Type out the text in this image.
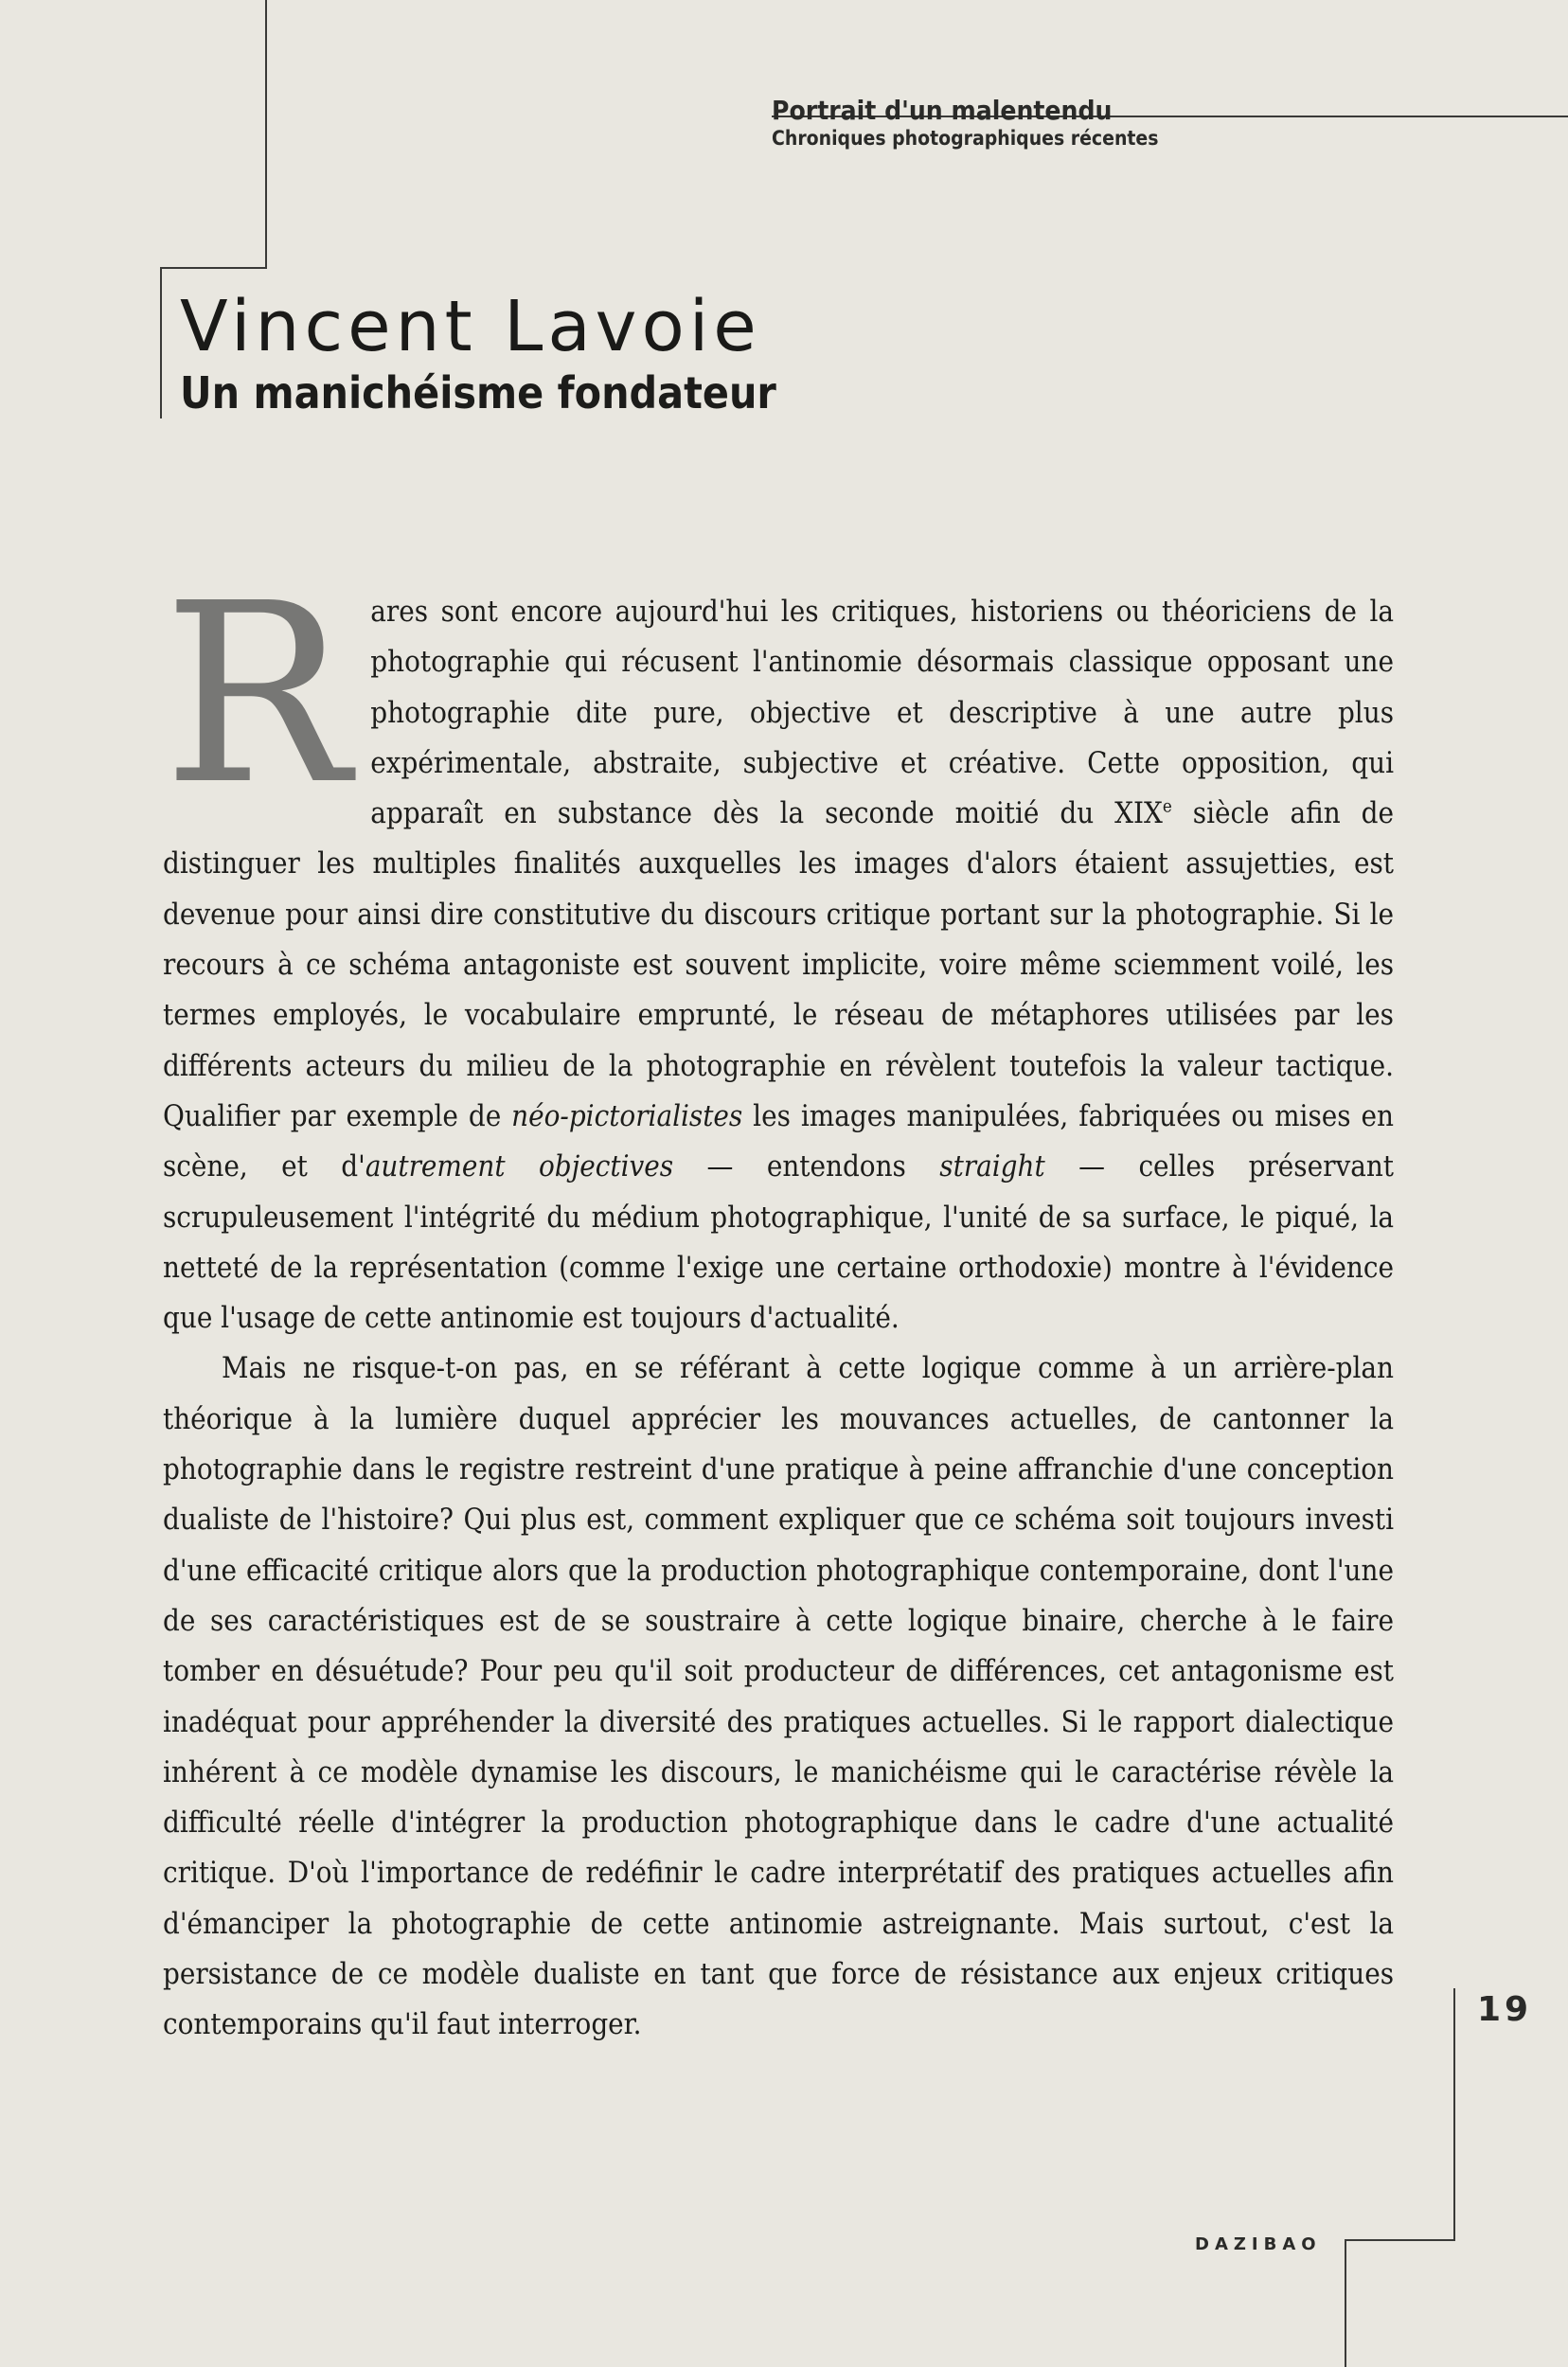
Portrait d'un malentendu
Chroniques photographiques récentes
Vincent Lavoie
Un manichéisme fondateur

Rares sont encore aujourd'hui les critiques, historiens ou théoriciens de la photographie qui récusent l'antinomie désormais classique opposant une photographie dite pure, objective et descriptive à une autre plus expérimentale, abstraite, subjective et créative. Cette opposition, qui apparaît en substance dès la seconde moitié du XIXe siècle afin de distinguer les multiples finalités auxquelles les images d'alors étaient assujetties, est devenue pour ainsi dire constitutive du discours critique portant sur la photographie. Si le recours à ce schéma antagoniste est souvent implicite, voire même sciemment voilé, les termes employés, le vocabulaire emprunté, le réseau de métaphores utilisées par les différents acteurs du milieu de la photographie en révèlent toutefois la valeur tactique. Qualifier par exemple de néo-pictorialistes les images manipulées, fabriquées ou mises en scène, et d'autrement objectives — entendons straight — celles préservant scrupuleusement l'intégrité du médium photographique, l'unité de sa surface, le piqué, la netteté de la représentation (comme l'exige une certaine orthodoxie) montre à l'évidence que l'usage de cette antinomie est toujours d'actualité.

Mais ne risque-t-on pas, en se référant à cette logique comme à un arrière-plan théorique à la lumière duquel apprécier les mouvances actuelles, de cantonner la photographie dans le registre restreint d'une pratique à peine affranchie d'une conception dualiste de l'histoire? Qui plus est, comment expliquer que ce schéma soit toujours investi d'une efficacité critique alors que la production photographique contemporaine, dont l'une de ses caractéristiques est de se soustraire à cette logique binaire, cherche à le faire tomber en désuétude? Pour peu qu'il soit producteur de différences, cet antagonisme est inadéquat pour appréhender la diversité des pratiques actuelles. Si le rapport dialectique inhérent à ce modèle dynamise les discours, le manichéisme qui le caractérise révèle la difficulté réelle d'intégrer la production photographique dans le cadre d'une actualité critique. D'où l'importance de redéfinir le cadre interprétatif des pratiques actuelles afin d'émanciper la photographie de cette antinomie astreignante. Mais surtout, c'est la persistance de ce modèle dualiste en tant que force de résistance aux enjeux critiques contemporains qu'il faut interroger.	19
DAZIBAO
